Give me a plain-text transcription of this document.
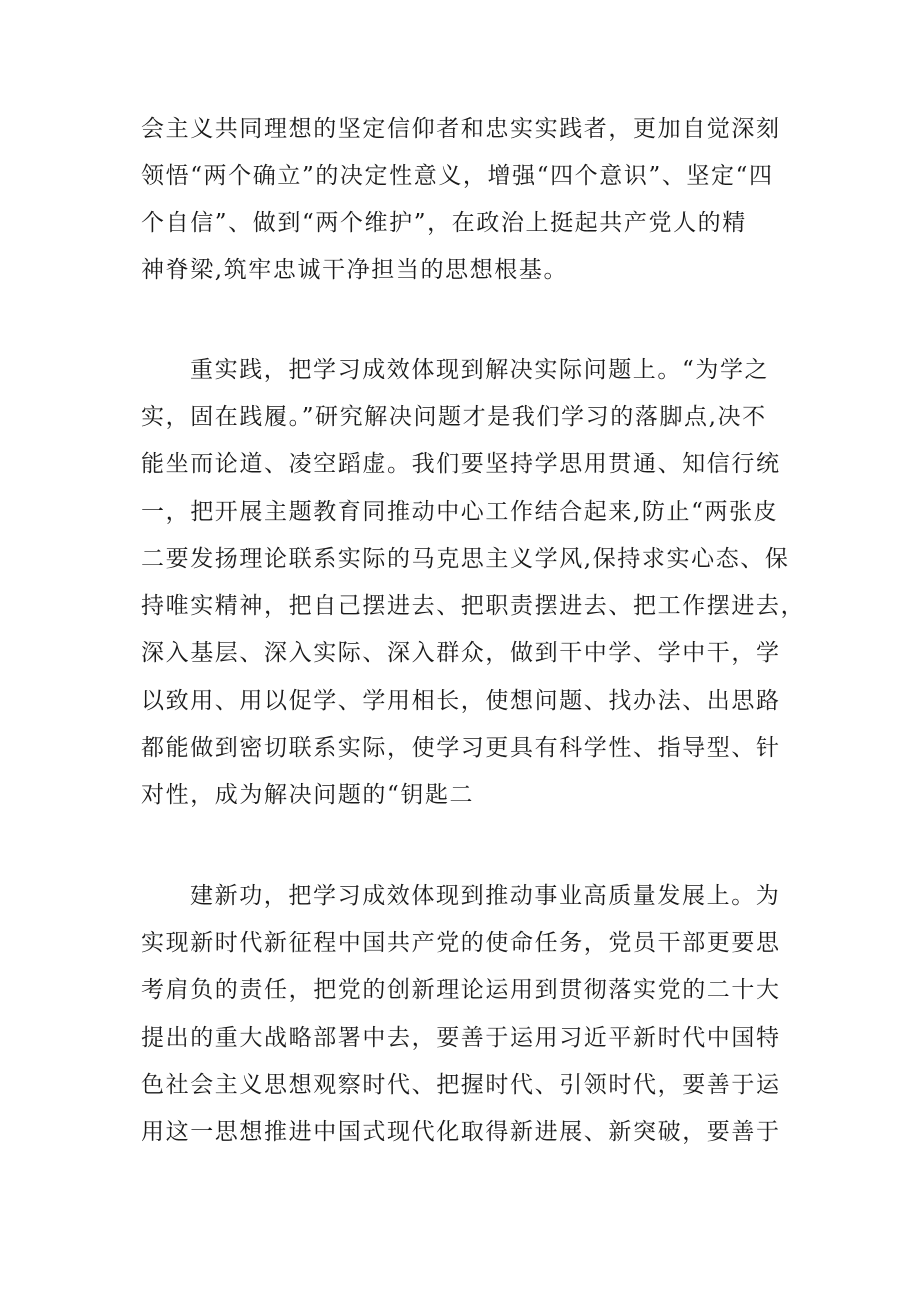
会主义共同理想的坚定信仰者和忠实实践者，更加自觉深刻
领悟“两个确立”的决定性意义，增强“四个意识”、坚定“四
个自信”、做到“两个维护”，在政治上挺起共产党人的精
神脊梁,筑牢忠诚干净担当的思想根基。
重实践，把学习成效体现到解决实际问题上。“为学之
实，固在践履。”研究解决问题才是我们学习的落脚点,决不
能坐而论道、凌空蹈虚。我们要坚持学思用贯通、知信行统
一，把开展主题教育同推动中心工作结合起来,防止“两张皮
二要发扬理论联系实际的马克思主义学风,保持求实心态、保
持唯实精神，把自己摆进去、把职责摆进去、把工作摆进去，
深入基层、深入实际、深入群众，做到干中学、学中干，学
以致用、用以促学、学用相长，使想问题、找办法、出思路
都能做到密切联系实际，使学习更具有科学性、指导型、针
对性，成为解决问题的“钥匙二
建新功，把学习成效体现到推动事业高质量发展上。为
实现新时代新征程中国共产党的使命任务，党员干部更要思
考肩负的责任，把党的创新理论运用到贯彻落实党的二十大
提出的重大战略部署中去，要善于运用习近平新时代中国特
色社会主义思想观察时代、把握时代、引领时代，要善于运
用这一思想推进中国式现代化取得新进展、新突破，要善于
